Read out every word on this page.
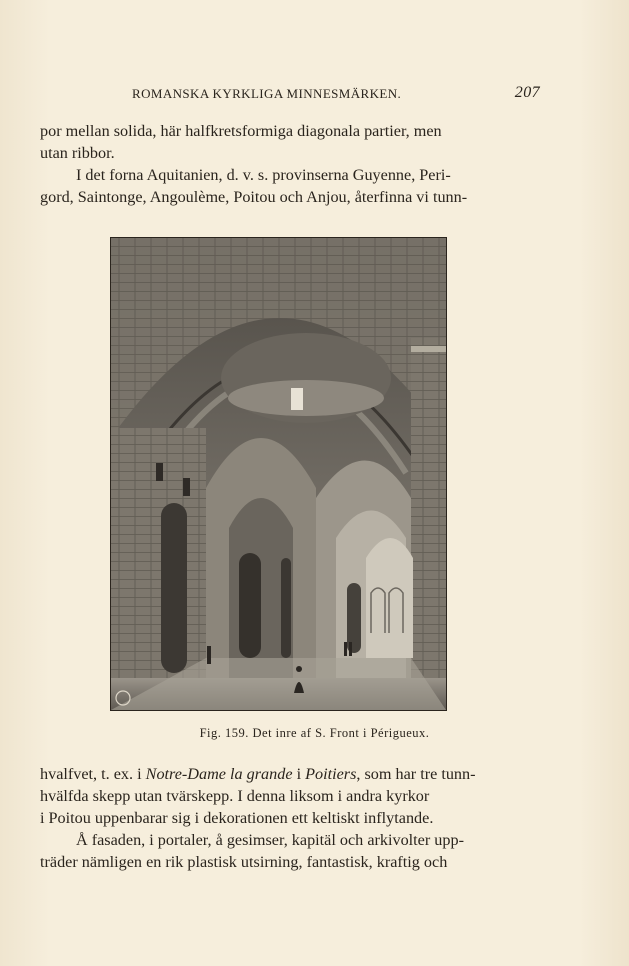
ROMANSKA KYRKLIGA MINNESMÄRKEN.	207
por mellan solida, här halfkretsformiga diagonala partier, men
utan ribbor.
I det forna Aquitanien, d. v. s. provinserna Guyenne, Peri-
gord, Saintonge, Angoulème, Poitou och Anjou, återfinna vi tunn-
Fig. 159. Det inre af S. Front i Périgueux.
hvalfvet, t. ex. i Notre-Dame la grande i Poitiers, som har tre tunn-
hvälfda skepp utan tvärskepp. I denna liksom i andra kyrkor
i Poitou uppenbarar sig i dekorationen ett keltiskt inflytande.
Å fasaden, i portaler, å gesimser, kapitäl och arkivolter upp-
träder nämligen en rik plastisk utsirning, fantastisk, kraftig och
